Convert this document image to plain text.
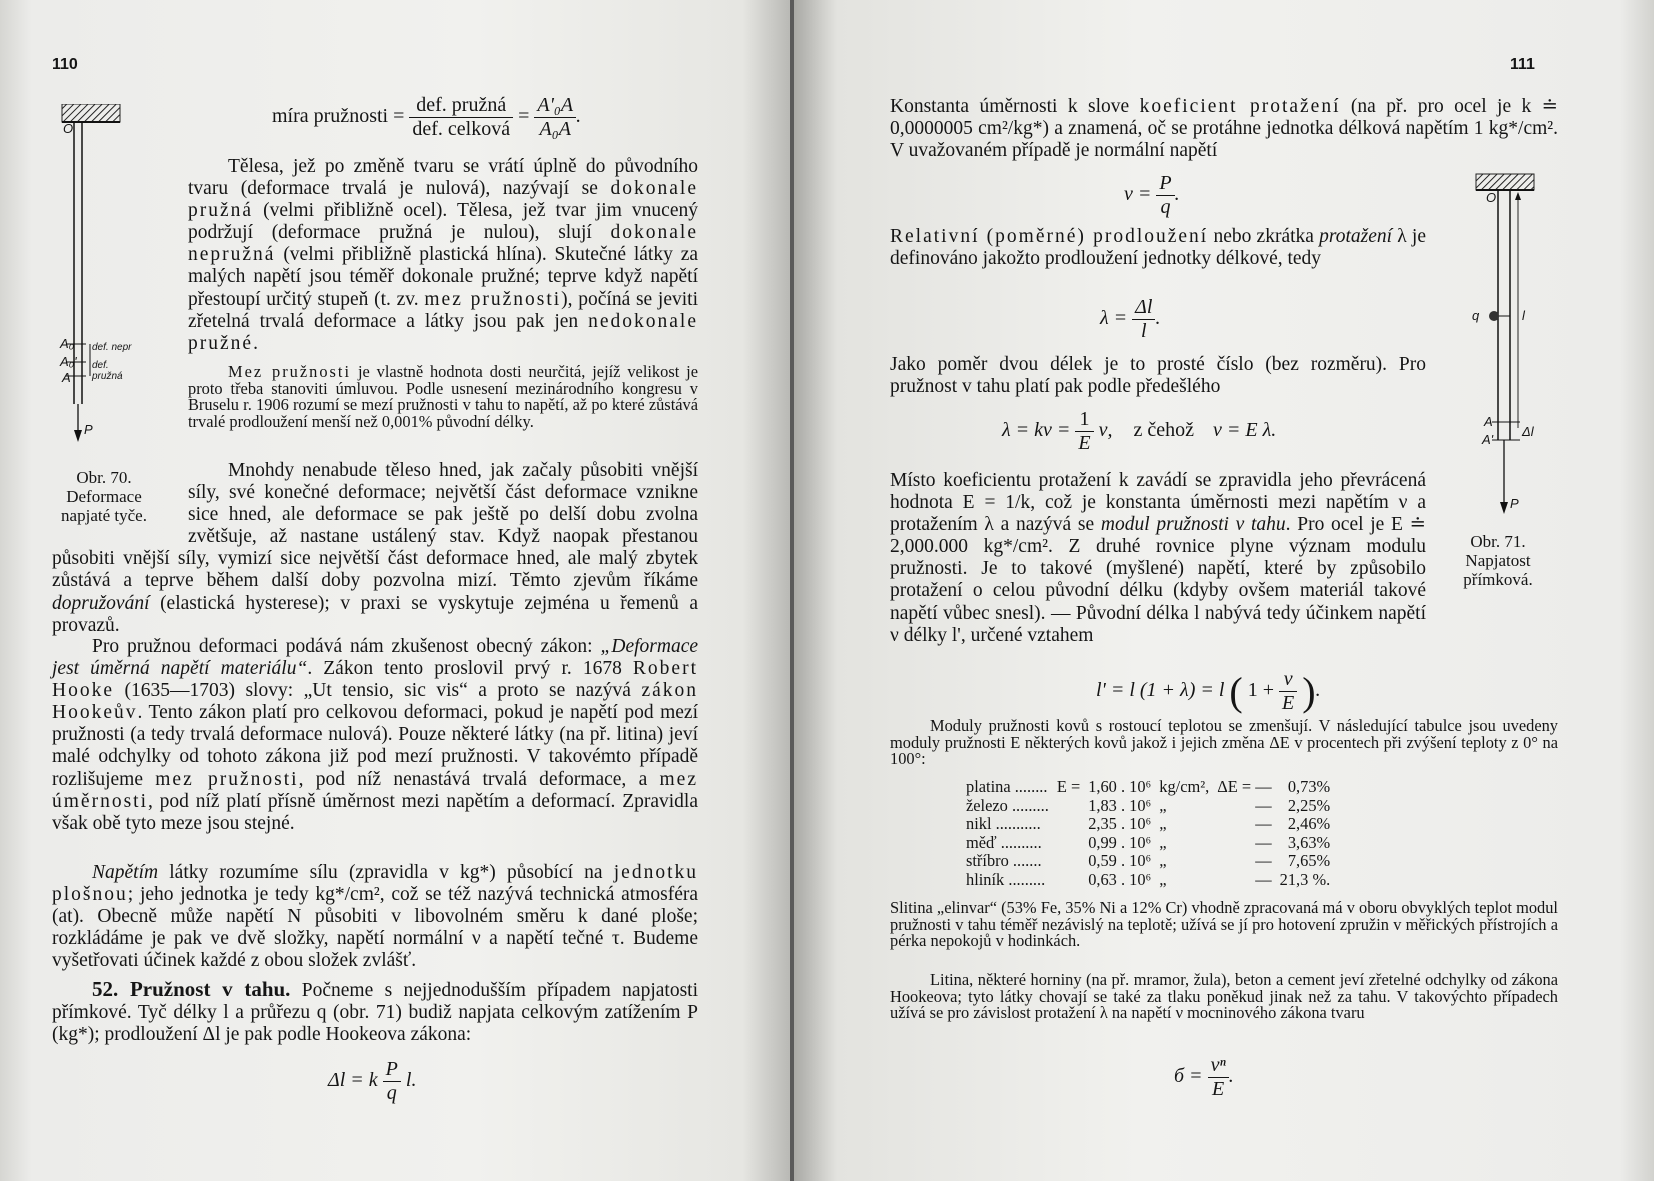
110
O
A₀
A₀'
A
P
def. nepr
def. pružná
Obr. 70.
Deformace
napjaté tyče.
míra pružnosti = $\frac{\text{def. pružná}}{\text{def. celková}} = \frac{\text{A'₀A}}{\text{A₀A}}$ .

Tělesa, jež po změně tvaru se vrátí úplně do původního tvaru (deformace trvalá je nulová), nazývají se dokonale pružná (velmi přibližně ocel). Tělesa, jež tvar jim vnucený podržují (deformace pružná je nulou), slují dokonale nepružná (velmi přibližně plastická hlína). Skutečné látky za malých napětí jsou téměř dokonale pružné; teprve když napětí přestoupí určitý stupeň (t. zv. mez pružnosti), počíná se jeviti zřetelná trvalá deformace a látky jsou pak jen nedokonale pružné.

Mez pružnosti je vlastně hodnota dosti neurčitá, jejíž velikost je proto třeba stanoviti úmluvou. Podle usnesení mezinárodního kongresu v Bruselu r. 1906 rozumí se mezí pružnosti v tahu to napětí, až po které zůstává trvalé prodloužení menší než 0,001% původní délky.

Mnohdy nenabude těleso hned, jak začaly působiti vnější síly, své konečné deformace; největší část deformace vznikne sice hned, ale deformace se pak ještě po delší dobu zvolna zvětšuje, až nastane ustálený stav. Když naopak přestanou působiti vnější síly, vymizí sice největší část deformace hned, ale malý zbytek zůstává a teprve během další doby pozvolna mizí. Těmto zjevům říkáme dopružování (elastická hysterese); v praxi se vyskytuje zejména u řemenů a provazů.

Pro pružnou deformaci podává nám zkušenost obecný zákon: „Deformace jest úměrná napětí materiálu“. Zákon tento proslovil prvý r. 1678 Robert Hooke (1635—1703) slovy: „Ut tensio, sic vis“ a proto se nazývá zákon Hookeův. Tento zákon platí pro celkovou deformaci, pokud je napětí pod mezí pružnosti (a tedy trvalá deformace nulová). Pouze některé látky (na př. litina) jeví malé odchylky od tohoto zákona již pod mezí pružnosti. V takovémto případě rozlišujeme mez pružnosti, pod níž nenastává trvalá deformace, a mez úměrnosti, pod níž platí přísně úměrnost mezi napětím a deformací. Zpravidla však obě tyto meze jsou stejné.

Napětím látky rozumíme sílu (zpravidla v kg*) působící na jednotku plošnou; jeho jednotka je tedy kg*/cm², což se též nazývá technická atmosféra (at). Obecně může napětí N působiti v libovolném směru k dané ploše; rozkládáme je pak ve dvě složky, napětí normální ν a napětí tečné τ. Budeme vyšetřovati účinek každé z obou složek zvlášť.

52. Pružnost v tahu. Počneme s nejjednodušším případem napjatosti přímkové. Tyč délky l a průřezu q (obr. 71) budiž napjata celkovým zatížením P (kg*); prodloužení Δl je pak podle Hookeova zákona:

Δl = k $\frac{P}{q} l$.
111

Konstanta úměrnosti k slove koeficient protažení (na př. pro ocel je k ≐ 0,0000005 cm²/kg*) a znamená, oč se protáhne jednotka délková napětím 1 kg*/cm². V uvažovaném případě je normální napětí

$\nu = \frac{P}{q}$ .

Relativní (poměrné) prodloužení nebo zkrátka protažení λ je definováno jakožto prodloužení jednotky délkové, tedy

$\lambda = \frac{\Delta l}{l}$ .

Jako poměr dvou délek je to prosté číslo (bez rozměru). Pro pružnost v tahu platí pak podle předešlého

$\lambda = k\nu = \frac{1}{E} \nu$, z čehož ν = E λ.

Místo koeficientu protažení k zavádí se zpravidla jeho převrácená hodnota E = 1/k, což je konstanta úměrnosti mezi napětím ν a protažením λ a nazývá se modul pružnosti v tahu. Pro ocel je E ≐ 2,000.000 kg*/cm². Z druhé rovnice plyne význam modulu pružnosti. Je to takové (myšlené) napětí, které by způsobilo protažení o celou původní délku (kdyby ovšem materiál takové napětí vůbec snesl). — Původní délka l nabývá tedy účinkem napětí ν délky l', určené vztahem

l' = l (1 + λ) = l ( $1 + \frac{\nu}{E}$ ).

Moduly pružnosti kovů s rostoucí teplotou se zmenšují. V následující tabulce jsou uvedeny moduly pružnosti E některých kovů jakož i jejich změna ΔE v procentech při zvýšení teploty z 0° na 100°:

platina ........	E =	1,60 . 10⁶	kg/cm²,	ΔE = —	0,73%
železo .........		1,83 . 10⁶	„	—	2,25%
nikl ...........		2,35 . 10⁶	„	—	2,46%
měď ..........		0,99 . 10⁶	„	—	3,63%
stříbro .......		0,59 . 10⁶	„	—	7,65%
hliník .........		0,63 . 10⁶	„	—	21,3 %.

Slitina „elinvar“ (53% Fe, 35% Ni a 12% Cr) vhodně zpracovaná má v oboru obvyklých teplot modul pružnosti v tahu téměř nezávislý na teplotě; užívá se jí pro hotovení zpružin v měřických přístrojích a pérka nepokojů v hodinkách.

Litina, některé horniny (na př. mramor, žula), beton a cement jeví zřetelné odchylky od zákona Hookeova; tyto látky chovají se také za tlaku poněkud jinak než za tahu. V takovýchto případech užívá se pro závislost protažení λ na napětí ν mocninového zákona tvaru

$б = \frac{\text{νⁿ}}{E}$ .
O
q	l
A
A'
Δl
P
Obr. 71.
Napjatost
přímková.
